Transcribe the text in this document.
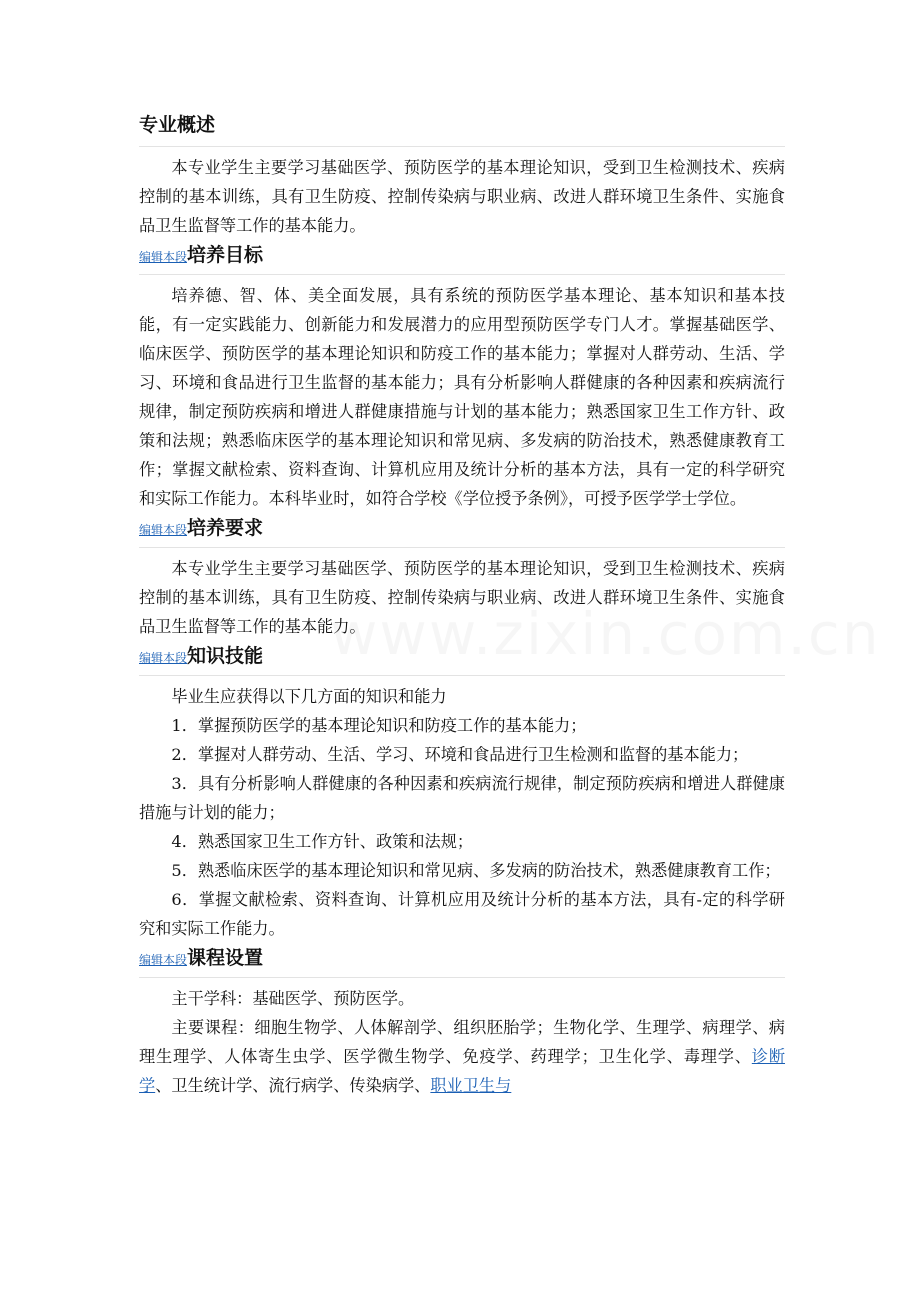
专业概述

本专业学生主要学习基础医学、预防医学的基本理论知识，受到卫生检测技术、疾病控制的基本训练，具有卫生防疫、控制传染病与职业病、改进人群环境卫生条件、实施食品卫生监督等工作的基本能力。

编辑本段培养目标

培养德、智、体、美全面发展，具有系统的预防医学基本理论、基本知识和基本技能，有一定实践能力、创新能力和发展潜力的应用型预防医学专门人才。掌握基础医学、临床医学、预防医学的基本理论知识和防疫工作的基本能力；掌握对人群劳动、生活、学习、环境和食品进行卫生监督的基本能力；具有分析影响人群健康的各种因素和疾病流行规律，制定预防疾病和增进人群健康措施与计划的基本能力；熟悉国家卫生工作方针、政策和法规；熟悉临床医学的基本理论知识和常见病、多发病的防治技术，熟悉健康教育工作；掌握文献检索、资料查询、计算机应用及统计分析的基本方法，具有一定的科学研究和实际工作能力。本科毕业时，如符合学校《学位授予条例》，可授予医学学士学位。

编辑本段培养要求

本专业学生主要学习基础医学、预防医学的基本理论知识，受到卫生检测技术、疾病控制的基本训练，具有卫生防疫、控制传染病与职业病、改进人群环境卫生条件、实施食品卫生监督等工作的基本能力。

编辑本段知识技能

毕业生应获得以下几方面的知识和能力

1．掌握预防医学的基本理论知识和防疫工作的基本能力；

2．掌握对人群劳动、生活、学习、环境和食品进行卫生检测和监督的基本能力；

3．具有分析影响人群健康的各种因素和疾病流行规律，制定预防疾病和增进人群健康措施与计划的能力；

4．熟悉国家卫生工作方针、政策和法规；

5．熟悉临床医学的基本理论知识和常见病、多发病的防治技术，熟悉健康教育工作；

6．掌握文献检索、资料查询、计算机应用及统计分析的基本方法，具有-定的科学研究和实际工作能力。

编辑本段课程设置

主干学科：基础医学、预防医学。

主要课程：细胞生物学、人体解剖学、组织胚胎学；生物化学、生理学、病理学、病理生理学、人体寄生虫学、医学微生物学、免疫学、药理学；卫生化学、毒理学、诊断学、卫生统计学、流行病学、传染病学、职业卫生与
